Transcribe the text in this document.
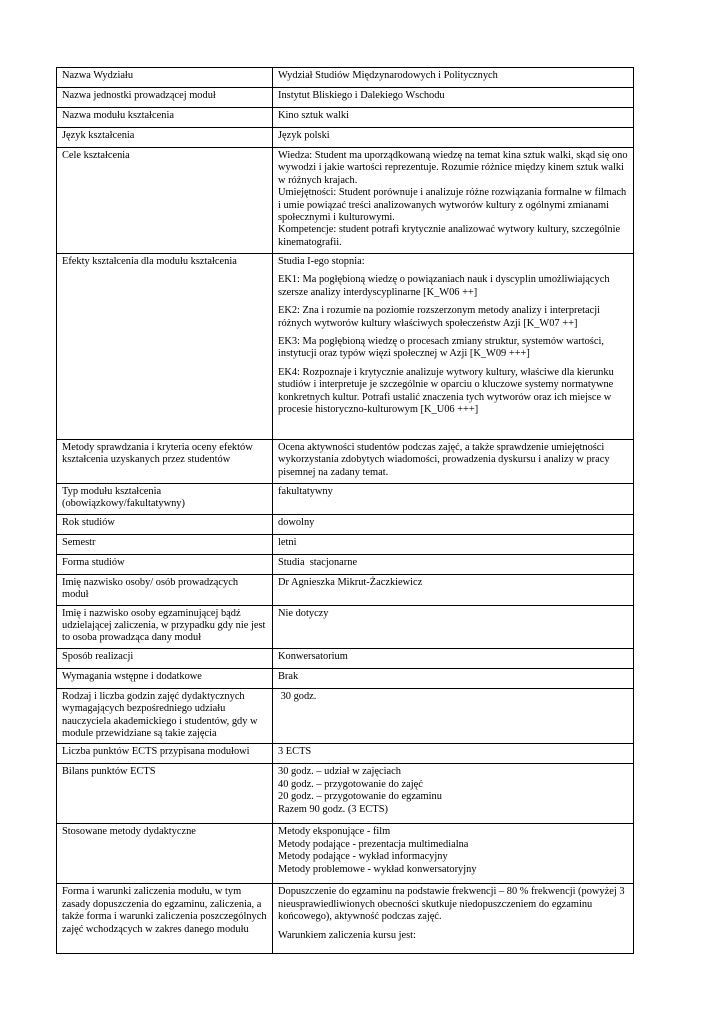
Nazwa Wydziału	Wydział Studiów Międzynarodowych i Politycznych
Nazwa jednostki prowadzącej moduł	Instytut Bliskiego i Dalekiego Wschodu
Nazwa modułu kształcenia	Kino sztuk walki
Język kształcenia	Język polski
Cele kształcenia	Wiedza: Student ma uporządkowaną wiedzę na temat kina sztuk walki, skąd się ono wywodzi i jakie wartości reprezentuje. Rozumie różnice między kinem sztuk walki w różnych krajach.
Umiejętności: Student porównuje i analizuje różne rozwiązania formalne w filmach i umie powiązać treści analizowanych wytworów kultury z ogólnymi zmianami społecznymi i kulturowymi.
Kompetencje: student potrafi krytycznie analizować wytwory kultury, szczególnie kinematografii.

Efekty kształcenia dla modułu kształcenia	Studia I-ego stopnia:
EK1: Ma pogłębioną wiedzę o powiązaniach nauk i dyscyplin umożliwiających szersze analizy interdyscyplinarne [K_W06 ++]
EK2: Zna i rozumie na poziomie rozszerzonym metody analizy i interpretacji różnych wytworów kultury właściwych społeczeństw Azji [K_W07 ++]
EK3: Ma pogłębioną wiedzę o procesach zmiany struktur, systemów wartości, instytucji oraz typów więzi społecznej w Azji [K_W09 +++]
EK4: Rozpoznaje i krytycznie analizuje wytwory kultury, właściwe dla kierunku studiów i interpretuje je szczególnie w oparciu o kluczowe systemy normatywne konkretnych kultur. Potrafi ustalić znaczenia tych wytworów oraz ich miejsce w procesie historyczno-kulturowym [K_U06 +++]

Metody sprawdzania i kryteria oceny efektów kształcenia uzyskanych przez studentów	Ocena aktywności studentów podczas zajęć, a także sprawdzenie umiejętności wykorzystania zdobytych wiadomości, prowadzenia dyskursu i analizy w pracy pisemnej na zadany temat.
Typ modułu kształcenia (obowiązkowy/fakultatywny)	fakultatywny
Rok studiów	dowolny
Semestr	letni
Forma studiów	Studia  stacjonarne
Imię nazwisko osoby/ osób prowadzących moduł	Dr Agnieszka Mikrut-Żaczkiewicz
Imię i nazwisko osoby egzaminującej bądź udzielającej zaliczenia, w przypadku gdy nie jest to osoba prowadząca dany moduł	Nie dotyczy
Sposób realizacji	Konwersatorium
Wymagania wstępne i dodatkowe	Brak
Rodzaj i liczba godzin zajęć dydaktycznych wymagających bezpośredniego udziału nauczyciela akademickiego i studentów, gdy w module przewidziane są takie zajęcia	30 godz.
Liczba punktów ECTS przypisana modułowi	3 ECTS
Bilans punktów ECTS	30 godz. – udział w zajęciach
40 godz. – przygotowanie do zajęć
20 godz. – przygotowanie do egzaminu
Razem 90 godz. (3 ECTS)

Stosowane metody dydaktyczne	Metody eksponujące - film
Metody podające - prezentacja multimedialna
Metody podające - wykład informacyjny
Metody problemowe - wykład konwersatoryjny

Forma i warunki zaliczenia modułu, w tym zasady dopuszczenia do egzaminu, zaliczenia, a także forma i warunki zaliczenia poszczególnych zajęć wchodzących w zakres danego modułu	Dopuszczenie do egzaminu na podstawie frekwencji – 80 % frekwencji (powyżej 3 nieusprawiedliwionych obecności skutkuje niedopuszczeniem do egzaminu końcowego), aktywność podczas zajęć.
Warunkiem zaliczenia kursu jest:
